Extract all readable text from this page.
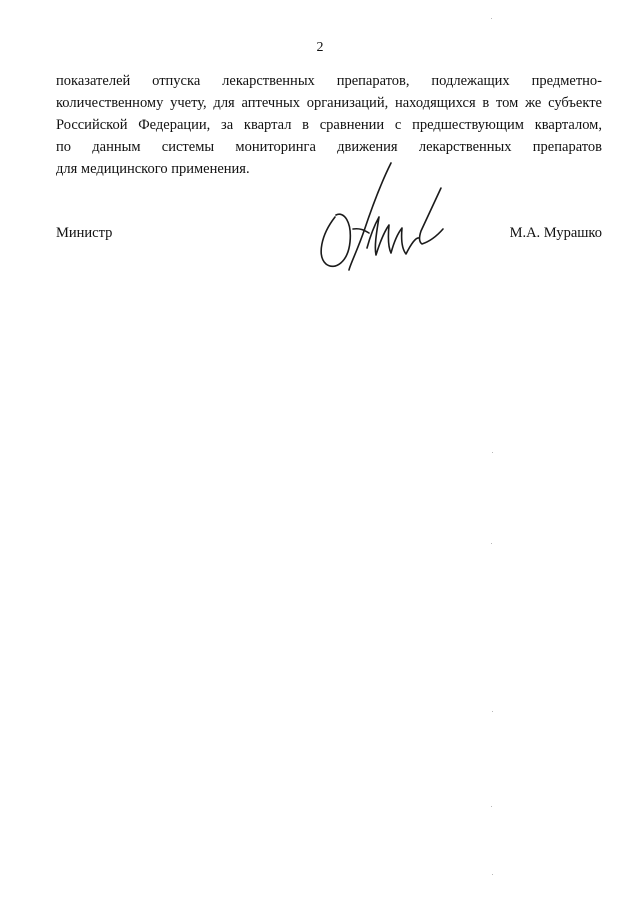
2
показателей отпуска лекарственных препаратов, подлежащих предметно-
количественному учету, для аптечных организаций, находящихся в том же субъекте
Российской Федерации, за квартал в сравнении с предшествующим кварталом,
по данным системы мониторинга движения лекарственных препаратов
для медицинского применения.
Министр	М.А. Мурашко
